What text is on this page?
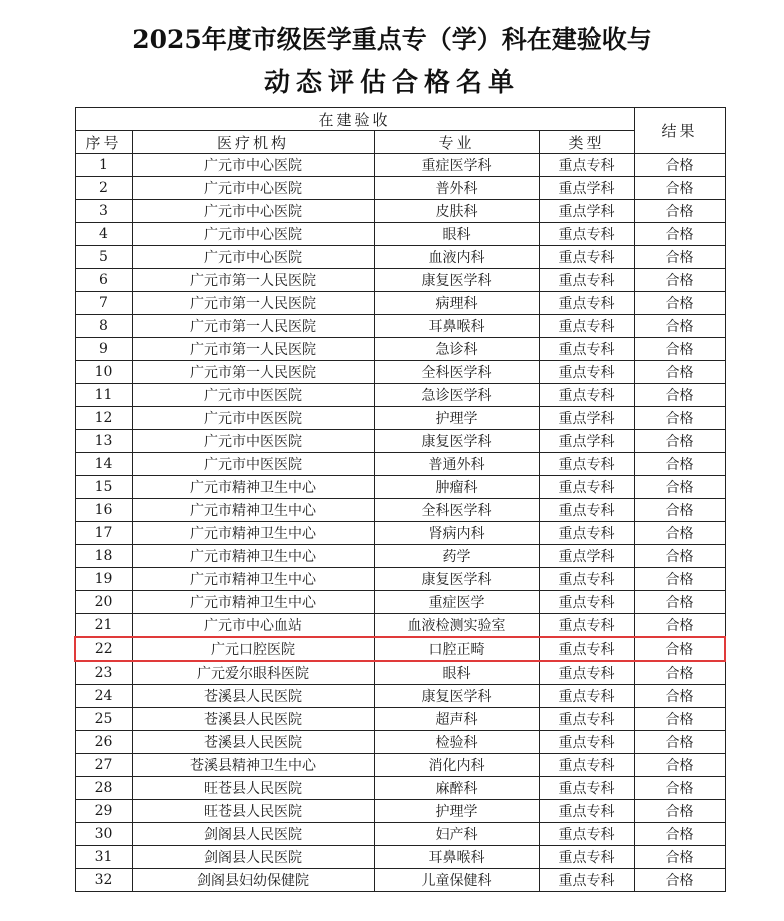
2025年度市级医学重点专（学）科在建验收与
动态评估合格名单
在建验收				结果
序号	医疗机构	专业	类型	
1	广元市中心医院	重症医学科	重点专科	合格
2	广元市中心医院	普外科	重点学科	合格
3	广元市中心医院	皮肤科	重点学科	合格
4	广元市中心医院	眼科	重点专科	合格
5	广元市中心医院	血液内科	重点专科	合格
6	广元市第一人民医院	康复医学科	重点专科	合格
7	广元市第一人民医院	病理科	重点专科	合格
8	广元市第一人民医院	耳鼻喉科	重点专科	合格
9	广元市第一人民医院	急诊科	重点专科	合格
10	广元市第一人民医院	全科医学科	重点专科	合格
11	广元市中医医院	急诊医学科	重点专科	合格
12	广元市中医医院	护理学	重点学科	合格
13	广元市中医医院	康复医学科	重点学科	合格
14	广元市中医医院	普通外科	重点专科	合格
15	广元市精神卫生中心	肿瘤科	重点专科	合格
16	广元市精神卫生中心	全科医学科	重点专科	合格
17	广元市精神卫生中心	肾病内科	重点专科	合格
18	广元市精神卫生中心	药学	重点学科	合格
19	广元市精神卫生中心	康复医学科	重点专科	合格
20	广元市精神卫生中心	重症医学	重点专科	合格
21	广元市中心血站	血液检测实验室	重点专科	合格
22	广元口腔医院	口腔正畸	重点专科	合格
23	广元爱尔眼科医院	眼科	重点专科	合格
24	苍溪县人民医院	康复医学科	重点专科	合格
25	苍溪县人民医院	超声科	重点专科	合格
26	苍溪县人民医院	检验科	重点专科	合格
27	苍溪县精神卫生中心	消化内科	重点专科	合格
28	旺苍县人民医院	麻醉科	重点专科	合格
29	旺苍县人民医院	护理学	重点专科	合格
30	剑阁县人民医院	妇产科	重点专科	合格
31	剑阁县人民医院	耳鼻喉科	重点专科	合格
32	剑阁县妇幼保健院	儿童保健科	重点专科	合格
